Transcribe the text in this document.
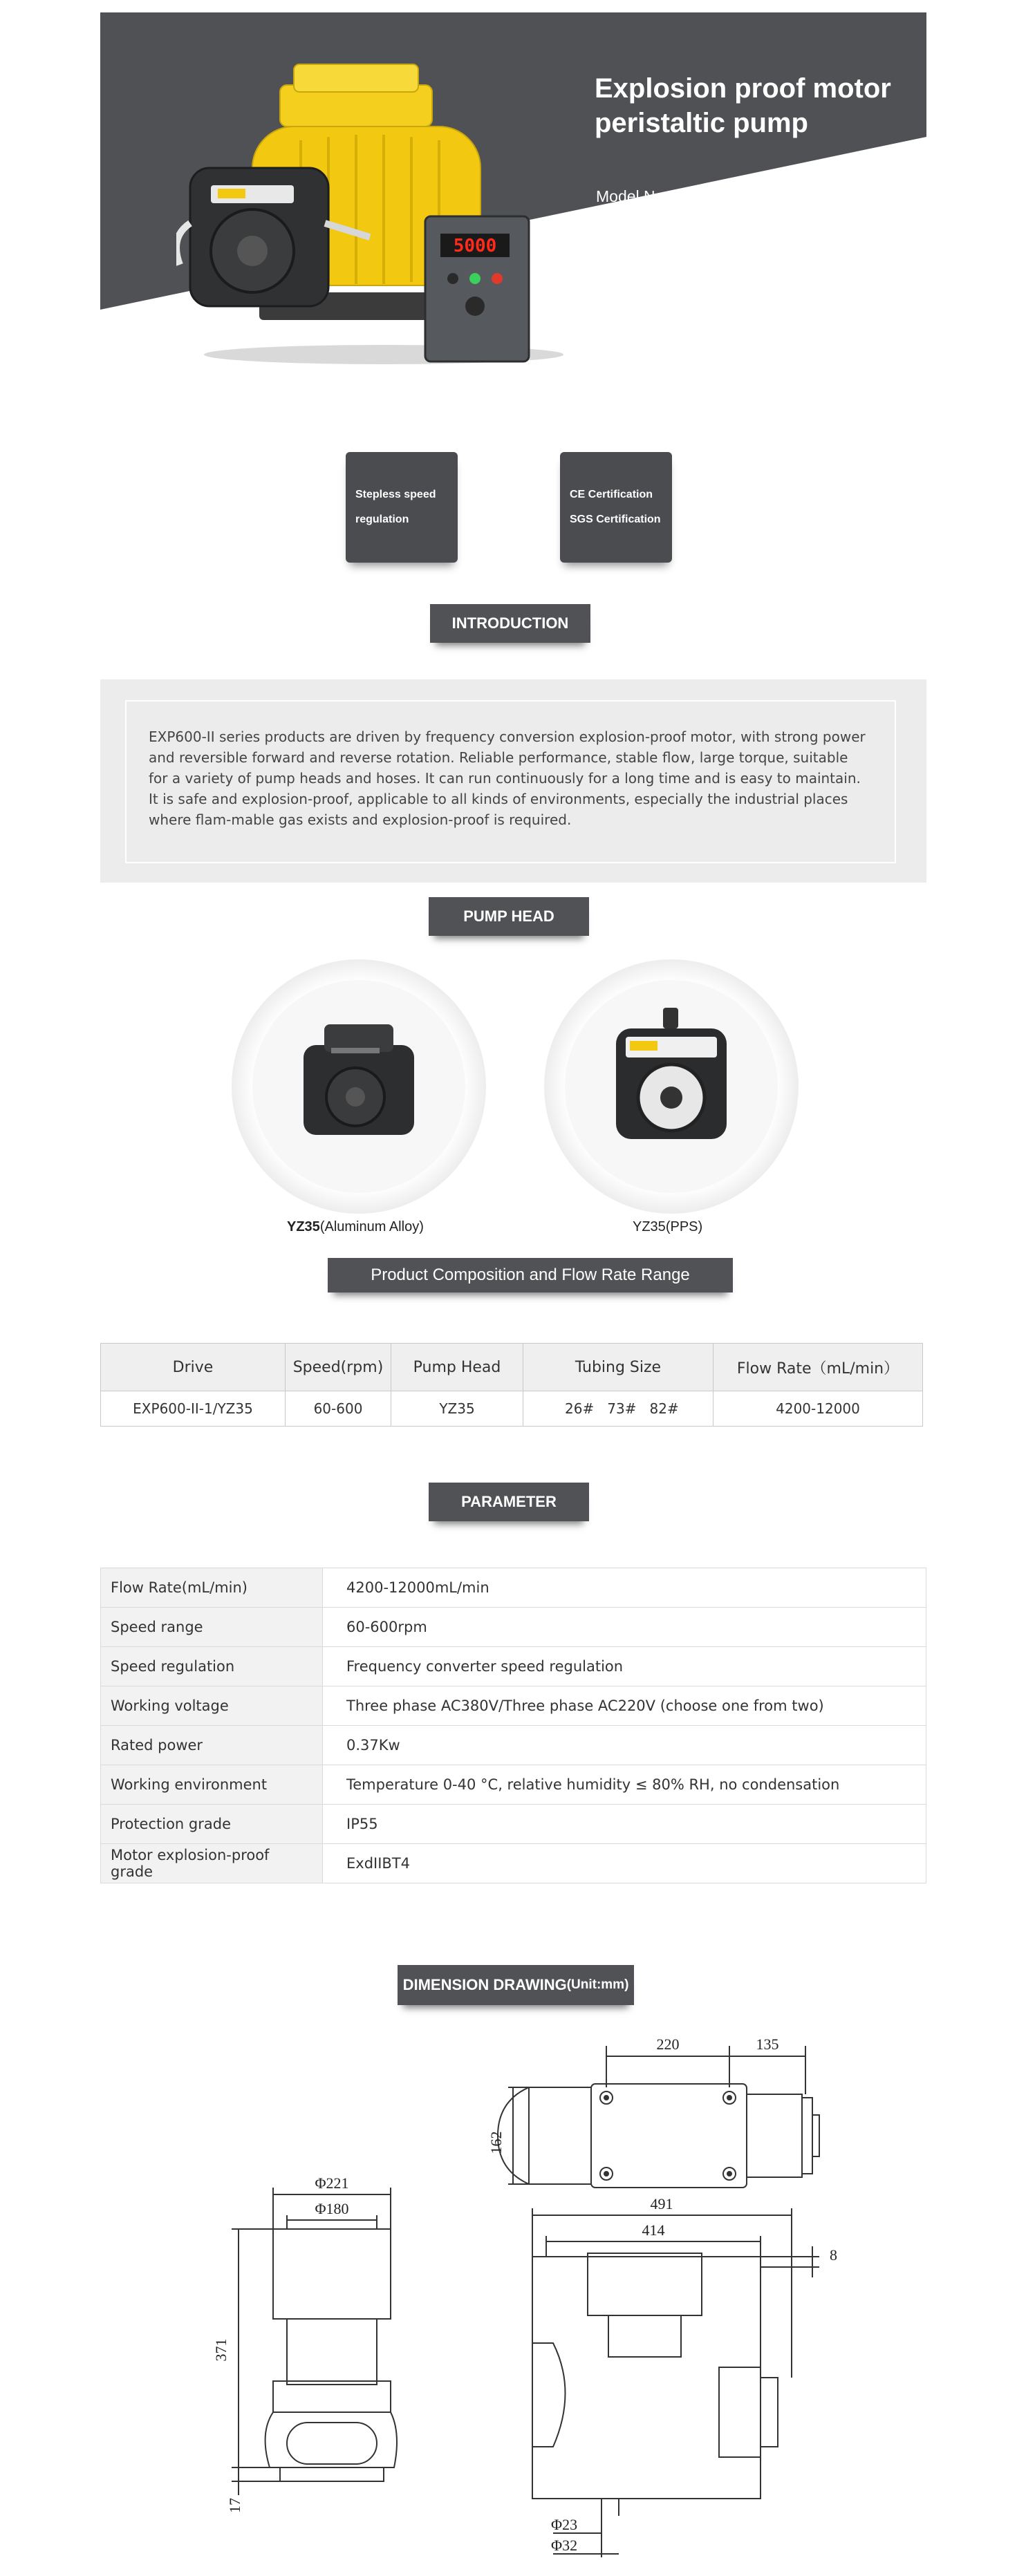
5000
Explosion proof motor
peristaltic pump
Model No : EXP600-II-1/YZ35
Flow rate : 414-12000 mL/min
Stepless speed
regulation
CE Certification
SGS Certification
INTRODUCTION
EXP600-II series products are driven by frequency conversion explosion-proof motor, with strong power and reversible forward and reverse rotation. Reliable performance, stable flow, large torque, suitable for a variety of pump heads and hoses. It can run continuously for a long time and is easy to maintain. It is safe and explosion-proof, applicable to all kinds of environments, especially the industrial places where flam-mable gas exists and explosion-proof is required.
PUMP HEAD
YZ35(Aluminum Alloy)	YZ35(PPS)
Product Composition and Flow Rate Range
Drive	Speed(rpm)	Pump Head	Tubing Size	Flow Rate（mL/min）
EXP600-II-1/YZ35	60-600	YZ35	26#   73#   82#	4200-12000
PARAMETER
Flow Rate(mL/min)	4200-12000mL/min
Speed range	60-600rpm
Speed regulation	Frequency converter speed regulation
Working voltage	Three phase AC380V/Three phase AC220V (choose one from two)
Rated power	0.37Kw
Working environment	Temperature 0-40 °C, relative humidity ≤ 80% RH, no condensation
Protection grade	IP55
Motor explosion-proof grade	ExdIIBT4
DIMENSION DRAWING (Unit:mm)
220	135
162
Φ221
Φ180
371
17
491
414
8
Φ23
Φ32
